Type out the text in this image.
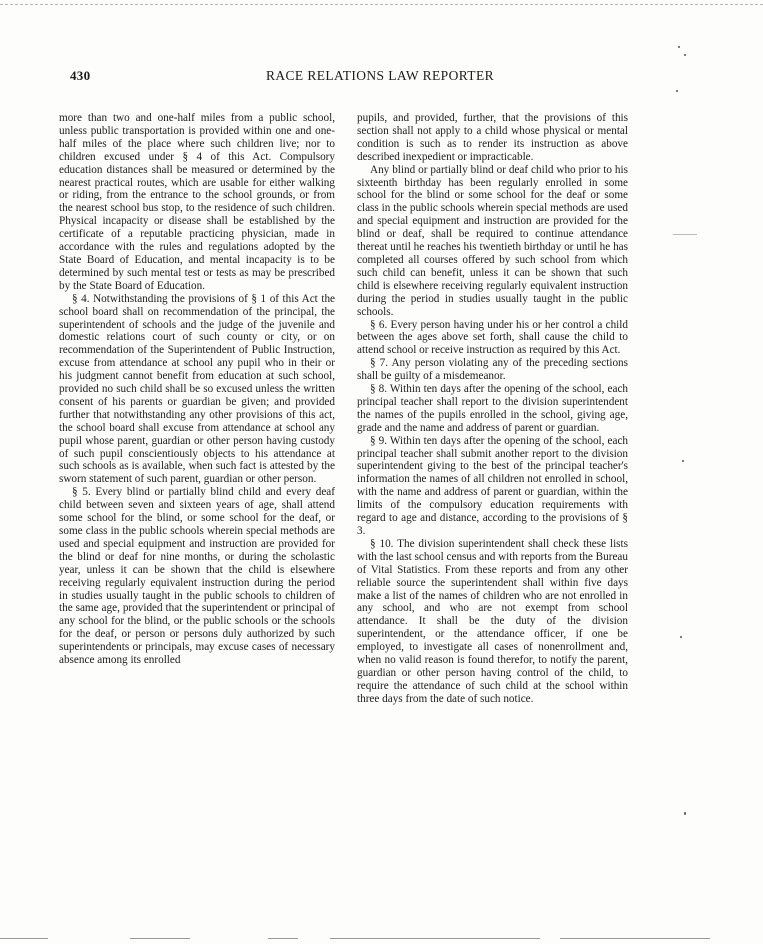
430	RACE RELATIONS LAW REPORTER

more than two and one-half miles from a public school, unless public transportation is provided within one and one-half miles of the place where such children live; nor to children excused under § 4 of this Act. Compulsory education distances shall be measured or determined by the nearest practical routes, which are usable for either walking or riding, from the entrance to the school grounds, or from the nearest school bus stop, to the residence of such children. Physical incapacity or disease shall be established by the certificate of a reputable practicing physician, made in accordance with the rules and regulations adopted by the State Board of Education, and mental incapacity is to be determined by such mental test or tests as may be prescribed by the State Board of Education.

§ 4. Notwithstanding the provisions of § 1 of this Act the school board shall on recommendation of the principal, the superintendent of schools and the judge of the juvenile and domestic relations court of such county or city, or on recommendation of the Superintendent of Public Instruction, excuse from attendance at school any pupil who in their or his judgment cannot benefit from education at such school, provided no such child shall be so excused unless the written consent of his parents or guardian be given; and provided further that notwithstanding any other provisions of this act, the school board shall excuse from attendance at school any pupil whose parent, guardian or other person having custody of such pupil conscientiously objects to his attendance at such schools as is available, when such fact is attested by the sworn statement of such parent, guardian or other person.

§ 5. Every blind or partially blind child and every deaf child between seven and sixteen years of age, shall attend some school for the blind, or some school for the deaf, or some class in the public schools wherein special methods are used and special equipment and instruction are provided for the blind or deaf for nine months, or during the scholastic year, unless it can be shown that the child is elsewhere receiving regularly equivalent instruction during the period in studies usually taught in the public schools to children of the same age, provided that the superintendent or principal of any school for the blind, or the public schools or the schools for the deaf, or person or persons duly authorized by such superintendents or principals, may excuse cases of necessary absence among its enrolled

pupils, and provided, further, that the provisions of this section shall not apply to a child whose physical or mental condition is such as to render its instruction as above described inexpedient or impracticable.

Any blind or partially blind or deaf child who prior to his sixteenth birthday has been regularly enrolled in some school for the blind or some school for the deaf or some class in the public schools wherein special methods are used and special equipment and instruction are provided for the blind or deaf, shall be required to continue attendance thereat until he reaches his twentieth birthday or until he has completed all courses offered by such school from which such child can benefit, unless it can be shown that such child is elsewhere receiving regularly equivalent instruction during the period in studies usually taught in the public schools.

§ 6. Every person having under his or her control a child between the ages above set forth, shall cause the child to attend school or receive instruction as required by this Act.

§ 7. Any person violating any of the preceding sections shall be guilty of a misdemeanor.

§ 8. Within ten days after the opening of the school, each principal teacher shall report to the division superintendent the names of the pupils enrolled in the school, giving age, grade and the name and address of parent or guardian.

§ 9. Within ten days after the opening of the school, each principal teacher shall submit another report to the division superintendent giving to the best of the principal teacher's information the names of all children not enrolled in school, with the name and address of parent or guardian, within the limits of the compulsory education requirements with regard to age and distance, according to the provisions of § 3.

§ 10. The division superintendent shall check these lists with the last school census and with reports from the Bureau of Vital Statistics. From these reports and from any other reliable source the superintendent shall within five days make a list of the names of children who are not enrolled in any school, and who are not exempt from school attendance. It shall be the duty of the division superintendent, or the attendance officer, if one be employed, to investigate all cases of nonenrollment and, when no valid reason is found therefor, to notify the parent, guardian or other person having control of the child, to require the attendance of such child at the school within three days from the date of such notice.
